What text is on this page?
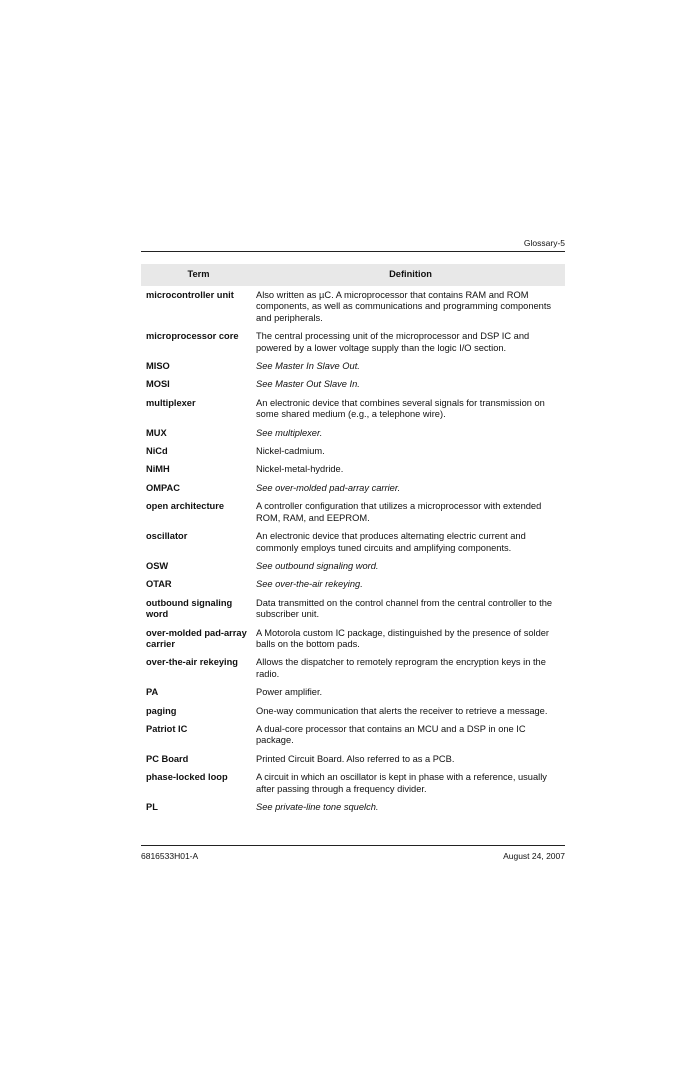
Glossary-5
Term	Definition
microcontroller unit	Also written as µC. A microprocessor that contains RAM and ROM components, as well as communications and programming components and peripherals.
microprocessor core	The central processing unit of the microprocessor and DSP IC and powered by a lower voltage supply than the logic I/O section.
MISO	See Master In Slave Out.
MOSI	See Master Out Slave In.
multiplexer	An electronic device that combines several signals for transmission on some shared medium (e.g., a telephone wire).
MUX	See multiplexer.
NiCd	Nickel-cadmium.
NiMH	Nickel-metal-hydride.
OMPAC	See over-molded pad-array carrier.
open architecture	A controller configuration that utilizes a microprocessor with extended ROM, RAM, and EEPROM.
oscillator	An electronic device that produces alternating electric current and commonly employs tuned circuits and amplifying components.
OSW	See outbound signaling word.
OTAR	See over-the-air rekeying.
outbound signaling word	Data transmitted on the control channel from the central controller to the subscriber unit.
over-molded pad-array carrier	A Motorola custom IC package, distinguished by the presence of solder balls on the bottom pads.
over-the-air rekeying	Allows the dispatcher to remotely reprogram the encryption keys in the radio.
PA	Power amplifier.
paging	One-way communication that alerts the receiver to retrieve a message.
Patriot IC	A dual-core processor that contains an MCU and a DSP in one IC package.
PC Board	Printed Circuit Board. Also referred to as a PCB.
phase-locked loop	A circuit in which an oscillator is kept in phase with a reference, usually after passing through a frequency divider.
PL	See private-line tone squelch.
6816533H01-A	August 24, 2007
